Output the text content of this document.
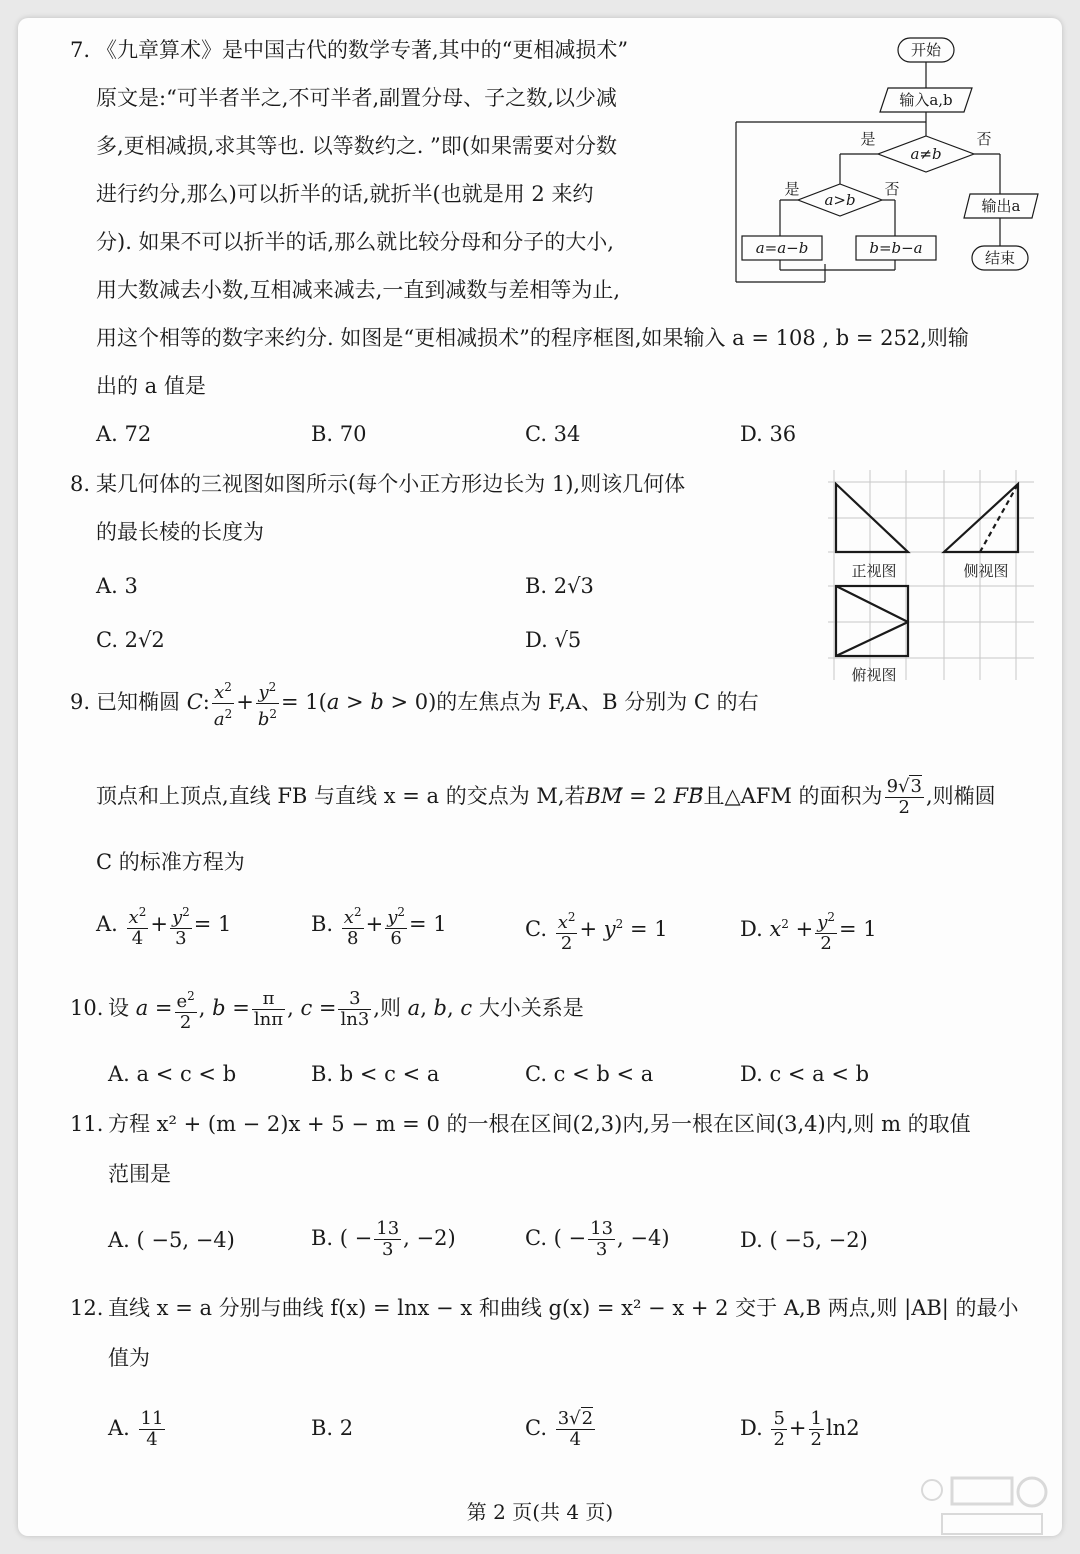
7. 《九章算术》是中国古代的数学专著,其中的“更相减损术”
原文是:“可半者半之,不可半者,副置分母、子之数,以少减
多,更相减损,求其等也. 以等数约之. ”即(如果需要对分数
进行约分,那么)可以折半的话,就折半(也就是用 2 来约
分). 如果不可以折半的话,那么就比较分母和分子的大小,
用大数减去小数,互相减来减去,一直到减数与差相等为止,
用这个相等的数字来约分. 如图是“更相减损术”的程序框图,如果输入 a = 108 , b = 252,则输
出的 a 值是
A. 72	B. 70	C. 34	D. 36
开始
输入a,b
a≠b
是	否
a>b
是	否
a=a−b	b=b−a
输出a
结束
8. 某几何体的三视图如图所示(每个小正方形边长为 1),则该几何体
的最长棱的长度为
A. 3	B. 2√3
C. 2√2	D. √5
正视图	侧视图
俯视图
9. 已知椭圆 C: $\frac{x^2}{a^2} + \frac{y^2}{b^2} = 1(a > b > 0)$的左焦点为 F,A、B 分别为 C 的右
顶点和上顶点,直线 FB 与直线 x = a 的交点为 M,若BM⃗ = 2 FB且△AFM 的面积为 $\frac{9√3}{2}$ ,则椭圆
C 的标准方程为
A. $\frac{x^2}{4} + \frac{y^2}{3} = 1$	B. $\frac{x^2}{8} + \frac{y^2}{6} = 1$	C. $\frac{x^2}{2} + y^2 = 1$	D. $x^2 + \frac{y^2}{2} = 1$
10. 设 $a = \frac{e^2}{2}$ , $b = \frac{\pi}{\ln\pi}$ , $c = \frac{3}{\ln 3}$ ,则 a, b, c 大小关系是
A. a < c < b	B. b < c < a	C. c < b < a	D. c < a < b
11. 方程 x² + (m − 2)x + 5 − m = 0 的一根在区间(2,3)内,另一根在区间(3,4)内,则 m 的取值
范围是
A. ( −5, −4)	B. ( − $\frac{13}{3}$ , −2)	C. ( − $\frac{13}{3}$ , −4)	D. ( −5, −2)
12. 直线 x = a 分别与曲线 f(x) = lnx − x 和曲线 g(x) = x² − x + 2 交于 A,B 两点,则 |AB| 的最小
值为
A. $\frac{11}{4}$	B. 2	C. $\frac{3√2}{4}$	D. $\frac{5}{2} + \frac{1}{2} \ln 2$
第 2 页(共 4 页)
